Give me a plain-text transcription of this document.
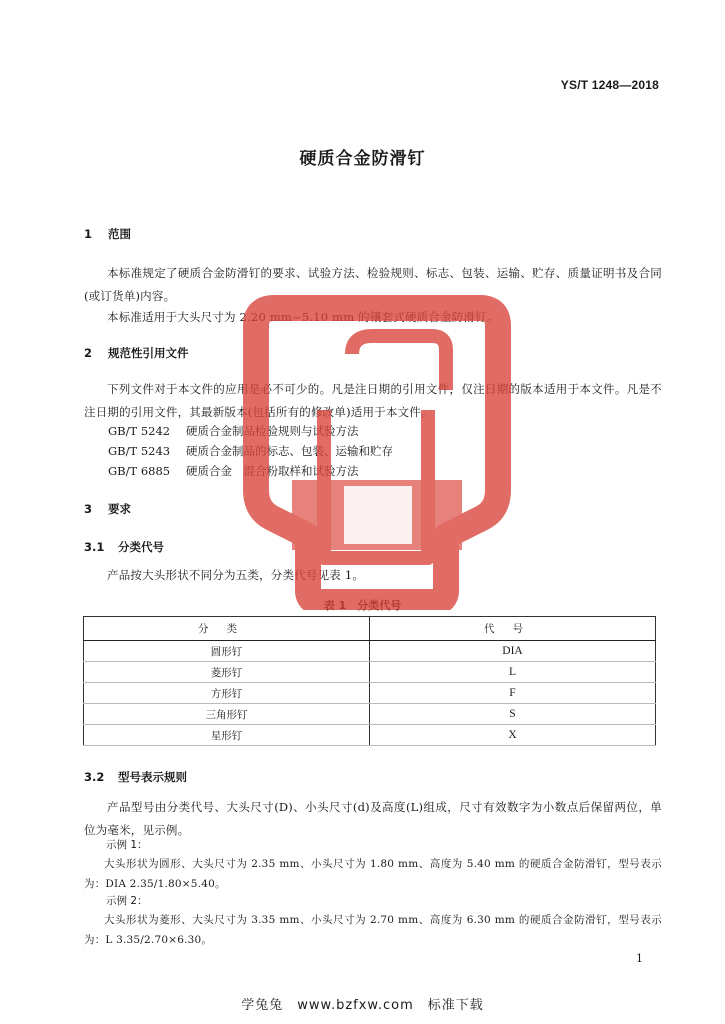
YS/T 1248—2018
硬质合金防滑钉
1 范围
本标准规定了硬质合金防滑钉的要求、试验方法、检验规则、标志、包装、运输、贮存、质量证明书及合同(或订货单)内容。
本标准适用于大头尺寸为 2.20 mm~5.10 mm 的镶套式硬质合金防滑钉。
2 规范性引用文件
下列文件对于本文件的应用是必不可少的。凡是注日期的引用文件，仅注日期的版本适用于本文件。凡是不注日期的引用文件，其最新版本(包括所有的修改单)适用于本文件。
GB/T 5242 硬质合金制品检验规则与试验方法
GB/T 5243 硬质合金制品的标志、包装、运输和贮存
GB/T 6885 硬质合金　混合粉取样和试验方法
3 要求
3.1 分类代号
产品按大头形状不同分为五类，分类代号见表 1。
表 1　分类代号
分类	代号
圆形钉	DIA
菱形钉	L
方形钉	F
三角形钉	S
星形钉	X
3.2 型号表示规则
产品型号由分类代号、大头尺寸(D)、小头尺寸(d)及高度(L)组成，尺寸有效数字为小数点后保留两位，单位为毫米，见示例。
示例 1：
大头形状为圆形、大头尺寸为 2.35 mm、小头尺寸为 1.80 mm、高度为 5.40 mm 的硬质合金防滑钉，型号表示为：DIA 2.35/1.80×5.40。
示例 2：
大头形状为菱形、大头尺寸为 3.35 mm、小头尺寸为 2.70 mm、高度为 6.30 mm 的硬质合金防滑钉，型号表示为：L 3.35/2.70×6.30。
1
学兔兔　www.bzfxw.com　标准下载
